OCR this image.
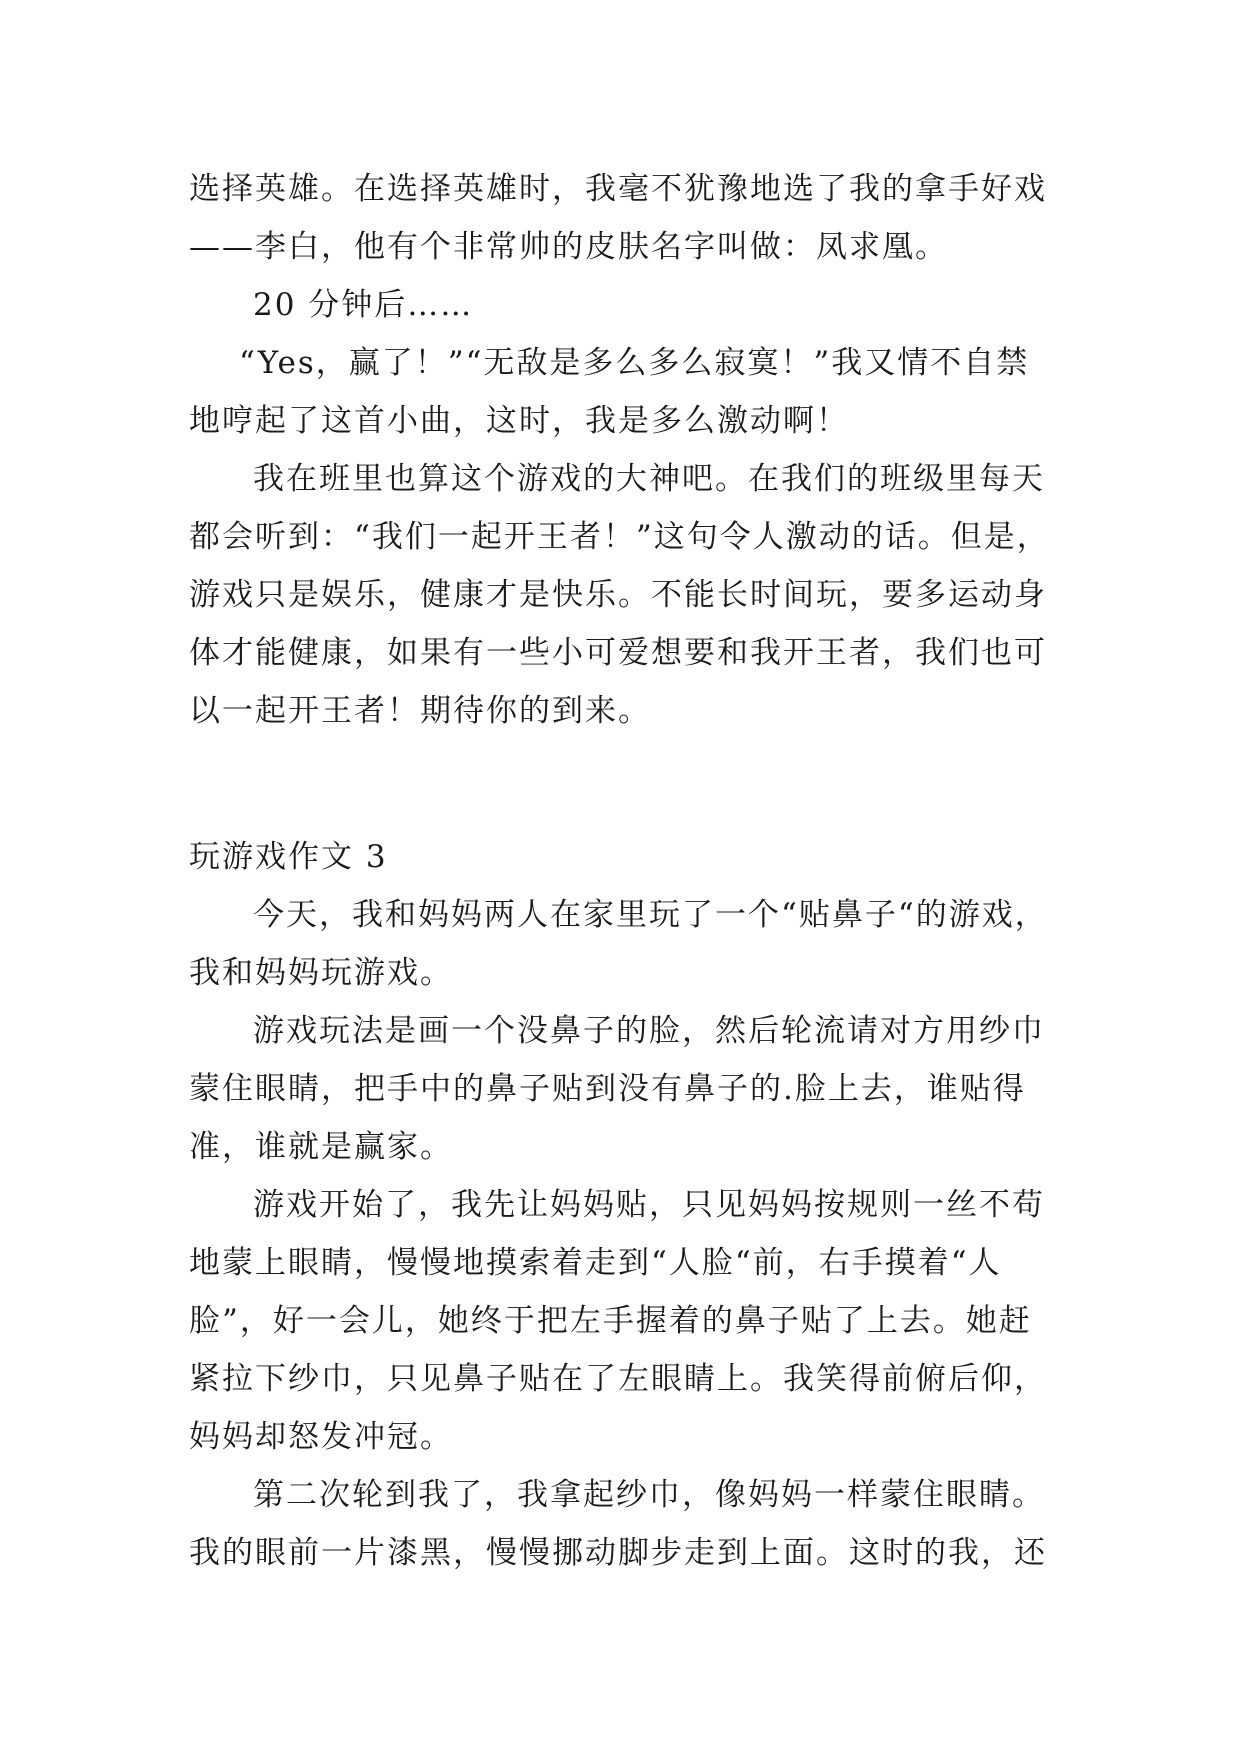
选择英雄。在选择英雄时，我毫不犹豫地选了我的拿手好戏
——李白，他有个非常帅的皮肤名字叫做：凤求凰。
20 分钟后……
“Yes，赢了！”“无敌是多么多么寂寞！”我又情不自禁
地哼起了这首小曲，这时，我是多么激动啊！
我在班里也算这个游戏的大神吧。在我们的班级里每天
都会听到：“我们一起开王者！”这句令人激动的话。但是，
游戏只是娱乐，健康才是快乐。不能长时间玩，要多运动身
体才能健康，如果有一些小可爱想要和我开王者，我们也可
以一起开王者！期待你的到来。
玩游戏作文 3
今天，我和妈妈两人在家里玩了一个“贴鼻子“的游戏，
我和妈妈玩游戏。
游戏玩法是画一个没鼻子的脸，然后轮流请对方用纱巾
蒙住眼睛，把手中的鼻子贴到没有鼻子的.脸上去，谁贴得
准，谁就是赢家。
游戏开始了，我先让妈妈贴，只见妈妈按规则一丝不苟
地蒙上眼睛，慢慢地摸索着走到“人脸“前，右手摸着“人
脸”，好一会儿，她终于把左手握着的鼻子贴了上去。她赶
紧拉下纱巾，只见鼻子贴在了左眼睛上。我笑得前俯后仰，
妈妈却怒发冲冠。
第二次轮到我了，我拿起纱巾，像妈妈一样蒙住眼睛。
我的眼前一片漆黑，慢慢挪动脚步走到上面。这时的我，还
